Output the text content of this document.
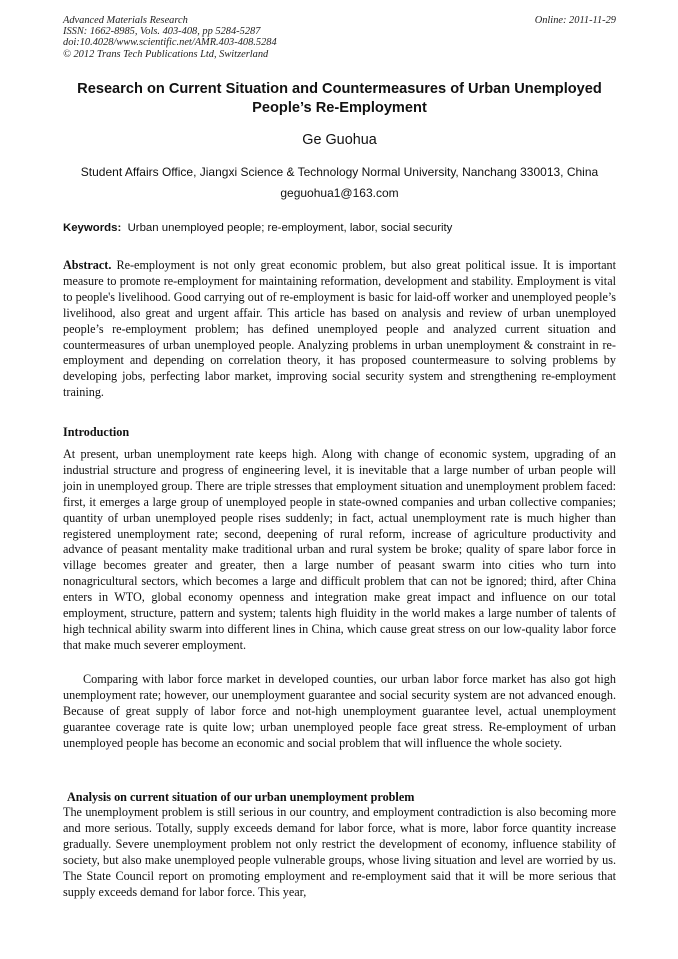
Advanced Materials Research
ISSN: 1662-8985, Vols. 403-408, pp 5284-5287
doi:10.4028/www.scientific.net/AMR.403-408.5284
© 2012 Trans Tech Publications Ltd, Switzerland
Online: 2011-11-29
Research on Current Situation and Countermeasures of Urban Unemployed People’s Re-Employment
Ge Guohua
Student Affairs Office, Jiangxi Science & Technology Normal University, Nanchang 330013, China
geguohua1@163.com
Keywords: Urban unemployed people; re-employment, labor, social security

Abstract. Re-employment is not only great economic problem, but also great political issue. It is important measure to promote re-employment for maintaining reformation, development and stability. Employment is vital to people's livelihood. Good carrying out of re-employment is basic for laid-off worker and unemployed people’s livelihood, also great and urgent affair. This article has based on analysis and review of urban unemployed people’s re-employment problem; has defined unemployed people and analyzed current situation and countermeasures of urban unemployed people. Analyzing problems in urban unemployment & constraint in re-employment and depending on correlation theory, it has proposed countermeasure to solving problems by developing jobs, perfecting labor market, improving social security system and strengthening re-employment training.

Introduction

At present, urban unemployment rate keeps high. Along with change of economic system, upgrading of an industrial structure and progress of engineering level, it is inevitable that a large number of urban people will join in unemployed group. There are triple stresses that employment situation and unemployment problem faced: first, it emerges a large group of unemployed people in state-owned companies and urban collective companies; quantity of urban unemployed people rises suddenly; in fact, actual unemployment rate is much higher than registered unemployment rate; second, deepening of rural reform, increase of agriculture productivity and advance of peasant mentality make traditional urban and rural system be broke; quality of spare labor force in village becomes greater and greater, then a large number of peasant swarm into cities who turn into nonagricultural sectors, which becomes a large and difficult problem that can not be ignored; third, after China enters in WTO, global economy openness and integration make great impact and influence on our total employment, structure, pattern and system; talents high fluidity in the world makes a large number of talents of high technical ability swarm into different lines in China, which cause great stress on our low-quality labor force that make much severer employment.

Comparing with labor force market in developed counties, our urban labor force market has also got high unemployment rate; however, our unemployment guarantee and social security system are not advanced enough. Because of great supply of labor force and not-high unemployment guarantee level, actual unemployment guarantee coverage rate is quite low; urban unemployed people face great stress. Re-employment of urban unemployed people has become an economic and social problem that will influence the whole society.

Analysis on current situation of our urban unemployment problem

The unemployment problem is still serious in our country, and employment contradiction is also becoming more and more serious. Totally, supply exceeds demand for labor force, what is more, labor force quantity increase gradually. Severe unemployment problem not only restrict the development of economy, influence stability of society, but also make unemployed people vulnerable groups, whose living situation and level are worried by us. The State Council report on promoting employment and re-employment said that it will be more serious that supply exceeds demand for labor force. This year,
